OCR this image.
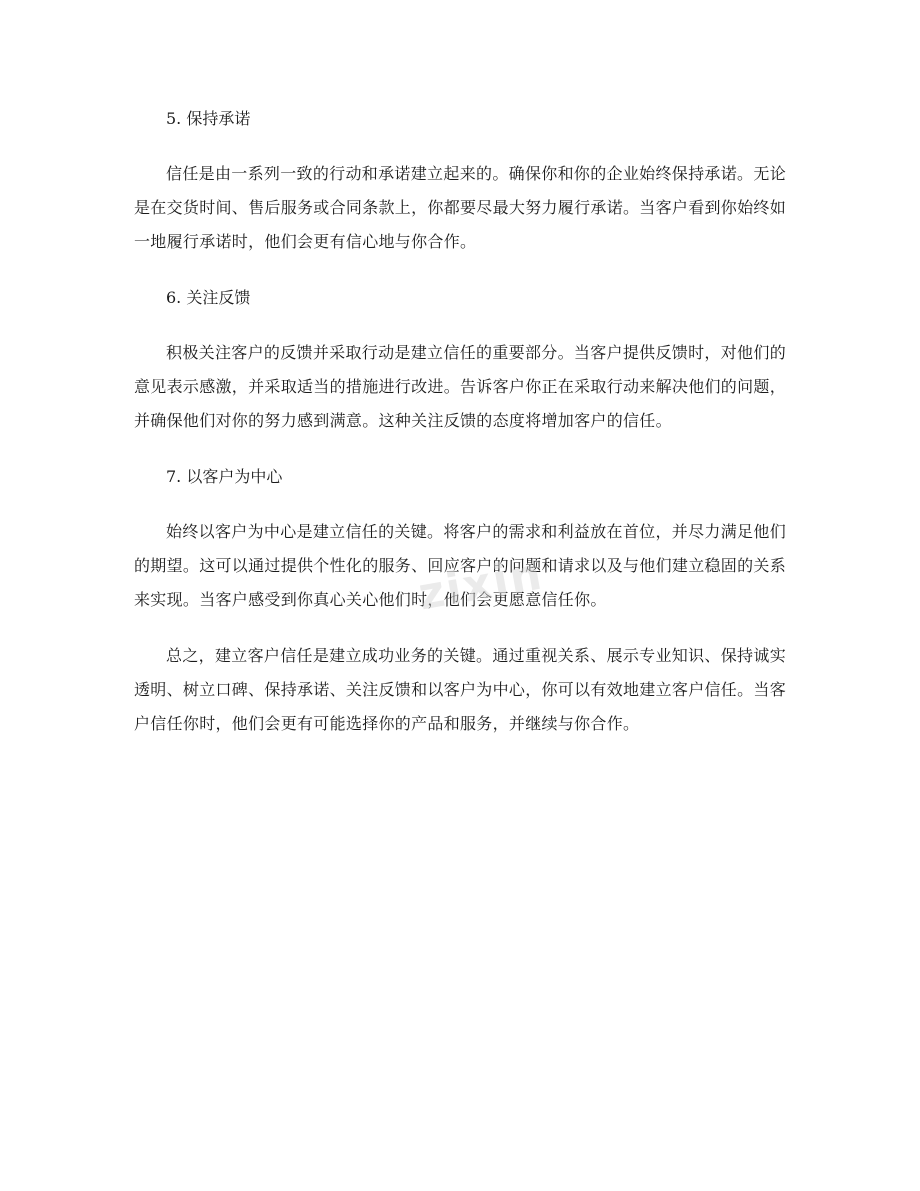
5. 保持承诺

信任是由一系列一致的行动和承诺建立起来的。确保你和你的企业始终保持承诺。无论是在交货时间、售后服务或合同条款上，你都要尽最大努力履行承诺。当客户看到你始终如一地履行承诺时，他们会更有信心地与你合作。

6. 关注反馈

积极关注客户的反馈并采取行动是建立信任的重要部分。当客户提供反馈时，对他们的意见表示感激，并采取适当的措施进行改进。告诉客户你正在采取行动来解决他们的问题，并确保他们对你的努力感到满意。这种关注反馈的态度将增加客户的信任。

7. 以客户为中心

始终以客户为中心是建立信任的关键。将客户的需求和利益放在首位，并尽力满足他们的期望。这可以通过提供个性化的服务、回应客户的问题和请求以及与他们建立稳固的关系来实现。当客户感受到你真心关心他们时，他们会更愿意信任你。

总之，建立客户信任是建立成功业务的关键。通过重视关系、展示专业知识、保持诚实透明、树立口碑、保持承诺、关注反馈和以客户为中心，你可以有效地建立客户信任。当客户信任你时，他们会更有可能选择你的产品和服务，并继续与你合作。

zixin
